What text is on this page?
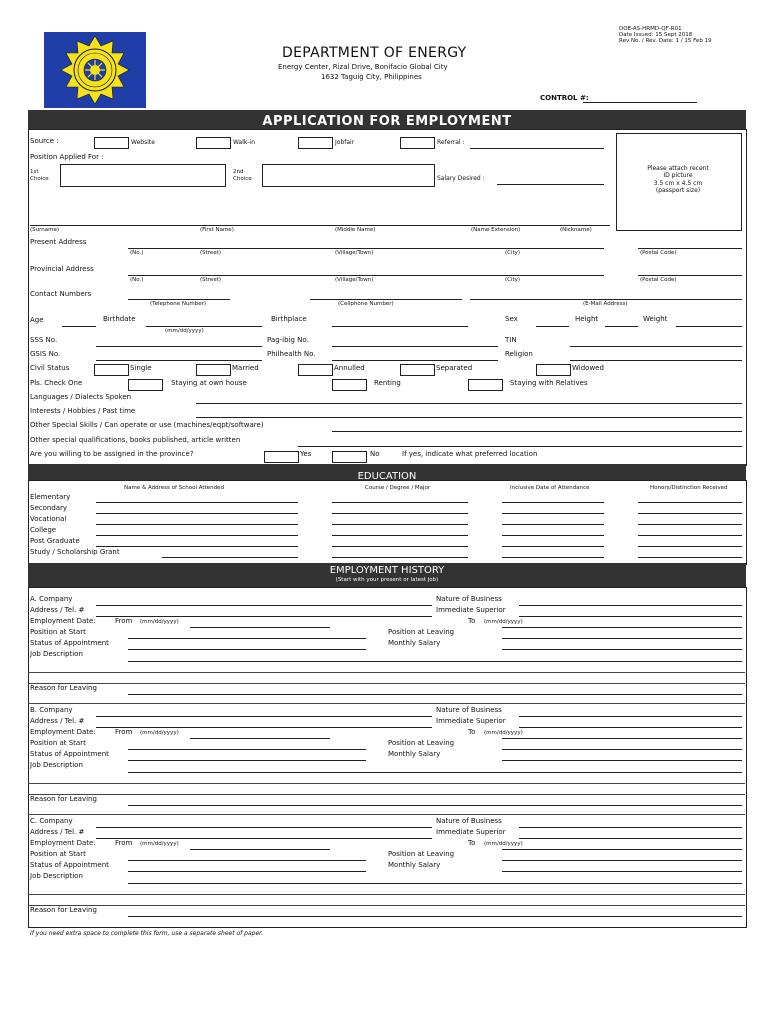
DOE-AS-HRMD-QF-R01
Date Issued: 15 Sept 2018
Rev No. / Rev. Date: 1 / 15 Feb 19
DEPARTMENT OF ENERGY
Energy Center, Rizal Drive, Bonifacio Global City
1632 Taguig City, Philippines
CONTROL #:
APPLICATION FOR EMPLOYMENT
Source :	Website	Walk-in	Jobfair	Referral :
Position Applied For :
1st
Choice
2nd
Choice	Salary Desired :
Please attach recent
ID picture
3.5 cm x 4.5 cm
(passport size)
(Surname)	(First Name)	(Middle Name)	(Name Extension)	(Nickname)
Present Address
(No.)	(Street)	(Village/Town)	(City)	(Postal Code)
Provincial Address
(No.)	(Street)	(Village/Town)	(City)	(Postal Code)
Contact Numbers
(Telephone Number)	(Cellphone Number)	(E-Mail Address)
Age	Birthdate
(mm/dd/yyyy)
Birthplace	Sex	Height	Weight
SSS No.	Pag-ibig No.	TIN
GSIS No.	Philhealth No.	Religion
Civil Status	Single	Married	Annulled	Separated	Widowed
Pls. Check One	Staying at own house	Renting	Staying with Relatives
Languages / Dialects Spoken
Interests / Hobbies / Past time
Other Special Skills / Can operate or use (machines/eqpt/software)
Other special qualifications, books published, article written
Are you willing to be assigned in the province?	Yes	No	If yes, indicate what preferred location
EDUCATION
Name & Address of School Attended	Course / Degree / Major	Inclusive Date of Attendance	Honors/Distinction Received
Elementary
Secondary
Vocational
College
Post Graduate
Study / Scholarship Grant
EMPLOYMENT HISTORY
(Start with your present or latest job)
A. Company	Nature of Business
Address / Tel. #	Immediate Superior
Employment Date:	From (mm/dd/yyyy)	To (mm/dd/yyyy)
Position at Start	Position at Leaving
Status of Appointment	Monthly Salary
Job Description
Reason for Leaving
B. Company	Nature of Business
Address / Tel. #	Immediate Superior
Employment Date:	From (mm/dd/yyyy)	To (mm/dd/yyyy)
Position at Start	Position at Leaving
Status of Appointment	Monthly Salary
Job Description
Reason for Leaving
C. Company	Nature of Business
Address / Tel. #	Immediate Superior
Employment Date:	From (mm/dd/yyyy)	To (mm/dd/yyyy)
Position at Start	Position at Leaving
Status of Appointment	Monthly Salary
Job Description
Reason for Leaving
If you need extra space to complete this form, use a separate sheet of paper.
